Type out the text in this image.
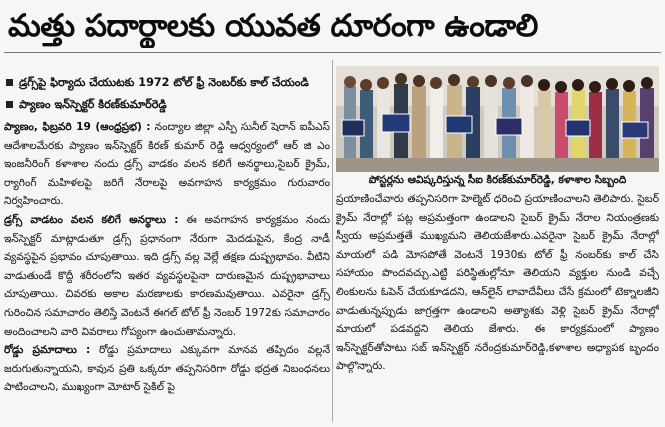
మత్తు పదార్థాలకు యువత దూరంగా ఉండాలి
డ్రగ్స్‌పై ఫిర్యాదు చేయుటకు 1972 టోల్ ఫ్రీ నెంబర్‌కు కాల్ చేయండి
ప్యాణం ఇన్‌స్పెక్టర్ కిరణ్‌కుమార్‌రెడ్డి

ప్యాణం, ఫిబ్రవరి 19 (ఆంధ్రప్రభ) : నంద్యాల జిల్లా ఎస్పీ సునీల్ షెరాన్ ఐపీఎస్ ఆదేశాలమేరకు ప్యాణం ఇన్‌స్పెక్టర్ కిరణ్ కుమార్ రెడ్డి ఆధ్వర్యంలో ఆర్ జి ఎం ఇంజనీరింగ్ కళాశాల నందు డ్రగ్స్ వాడకం వలన కలిగే అనర్థాలు,సైబర్ క్రైమ్, ర్యాగింగ్ మహిళలపై జరిగే నేరాలపై అవగాహన కార్యక్రమం గురువారం నిర్వహించారు.

డ్రగ్స్ వాడటం వలన కలిగే అనర్థాలు : ఈ అవగాహన కార్యక్రమం నందు ఇన్‌స్పెక్టర్ మాట్లాడుతూ డ్రగ్స్ ప్రధానంగా నేరుగా మెదడుపైన, కేంద్ర నాడీ వ్యవస్థపైన ప్రభావం చూపుతాయి. ఇది డ్రగ్స్ వల్ల వెల్లే తక్షణ దుష్ప్రభావం. వీటిని వాడుతుండే కొద్దీ శరీరంలోని ఇతర వ్యవస్థలపైనా దారుణమైన దుష్ప్రభావాలు చూపుతాయి. చివరకు అకాల మరణాలకు కారణమవుతాయి. ఎవరైనా డ్రగ్స్ గురించిన సమాచారం తెలిస్తే వెంటనే ఈగల్ టోల్ ఫ్రీ నెంబర్ 1972కు సమాచారం అందించాలని వారి వివరాలు గోప్యంగా ఉంచుతామన్నారు.

రోడ్డు ప్రమాదాలు : రోడ్డు ప్రమాదాలు ఎక్కువగా మానవ తప్పిదం వల్లనే జరుగుతున్నాయని, కావున ప్రతి ఒక్కరూ తప్పనిసరిగా రోడ్డు భద్రత నిబంధనలు పాటించాలని, ముఖ్యంగా మోటార్ సైకిల్ పై

పోస్టర్లను ఆవిష్కరిస్తున్న సీఐ కిరణ్‌కుమార్‌రెడ్డి, కళాశాల సిబ్బంది

ప్రయాణించేవారు తప్పనిసరిగా హెల్మెట్ ధరించి ప్రయాణించాలని తెలిపారు. సైబర్ క్రైమ్ నేరాల్లో పట్ల అప్రమత్తంగా ఉండాలని సైబర్ క్రైమ్ నేరాల నియంత్రణకు స్వీయ అప్రమత్తతే ముఖ్యమని తెలియజేశారు.ఎవరైనా సైబర్ క్రైమ్ నేరాల్లో మాయలో పడి మోసపోతే వెంటనే 1930కు టోల్ ఫ్రీ నంబర్‌కు కాల్ చేసి సహాయం పొందవచ్చు.ఎట్టి పరిస్థితుల్లోనూ తెలియని వ్యక్తుల నుండి వచ్చే లింకులను ఓపెన్ చేయకూడదని, ఆన్‌లైన్ లావాదేవీలు చేసే క్రమంలో టెక్నాలజీని వాడుతున్నప్పుడు జాగ్రత్తగా ఉండాలని అత్యాశకు వెళ్లి సైబర్ క్రైమ్ నేరాల్లో మాయలో పడవద్దని తెలియ జేశారు. ఈ కార్యక్రమంలో ప్యాణం ఇన్‌స్పెక్టర్‌తోపాటు సబ్ ఇన్‌స్పెక్టర్ నరేంద్రకుమార్‌రెడ్డి,కళాశాల అధ్యాపక బృందం పాల్గొన్నారు.
